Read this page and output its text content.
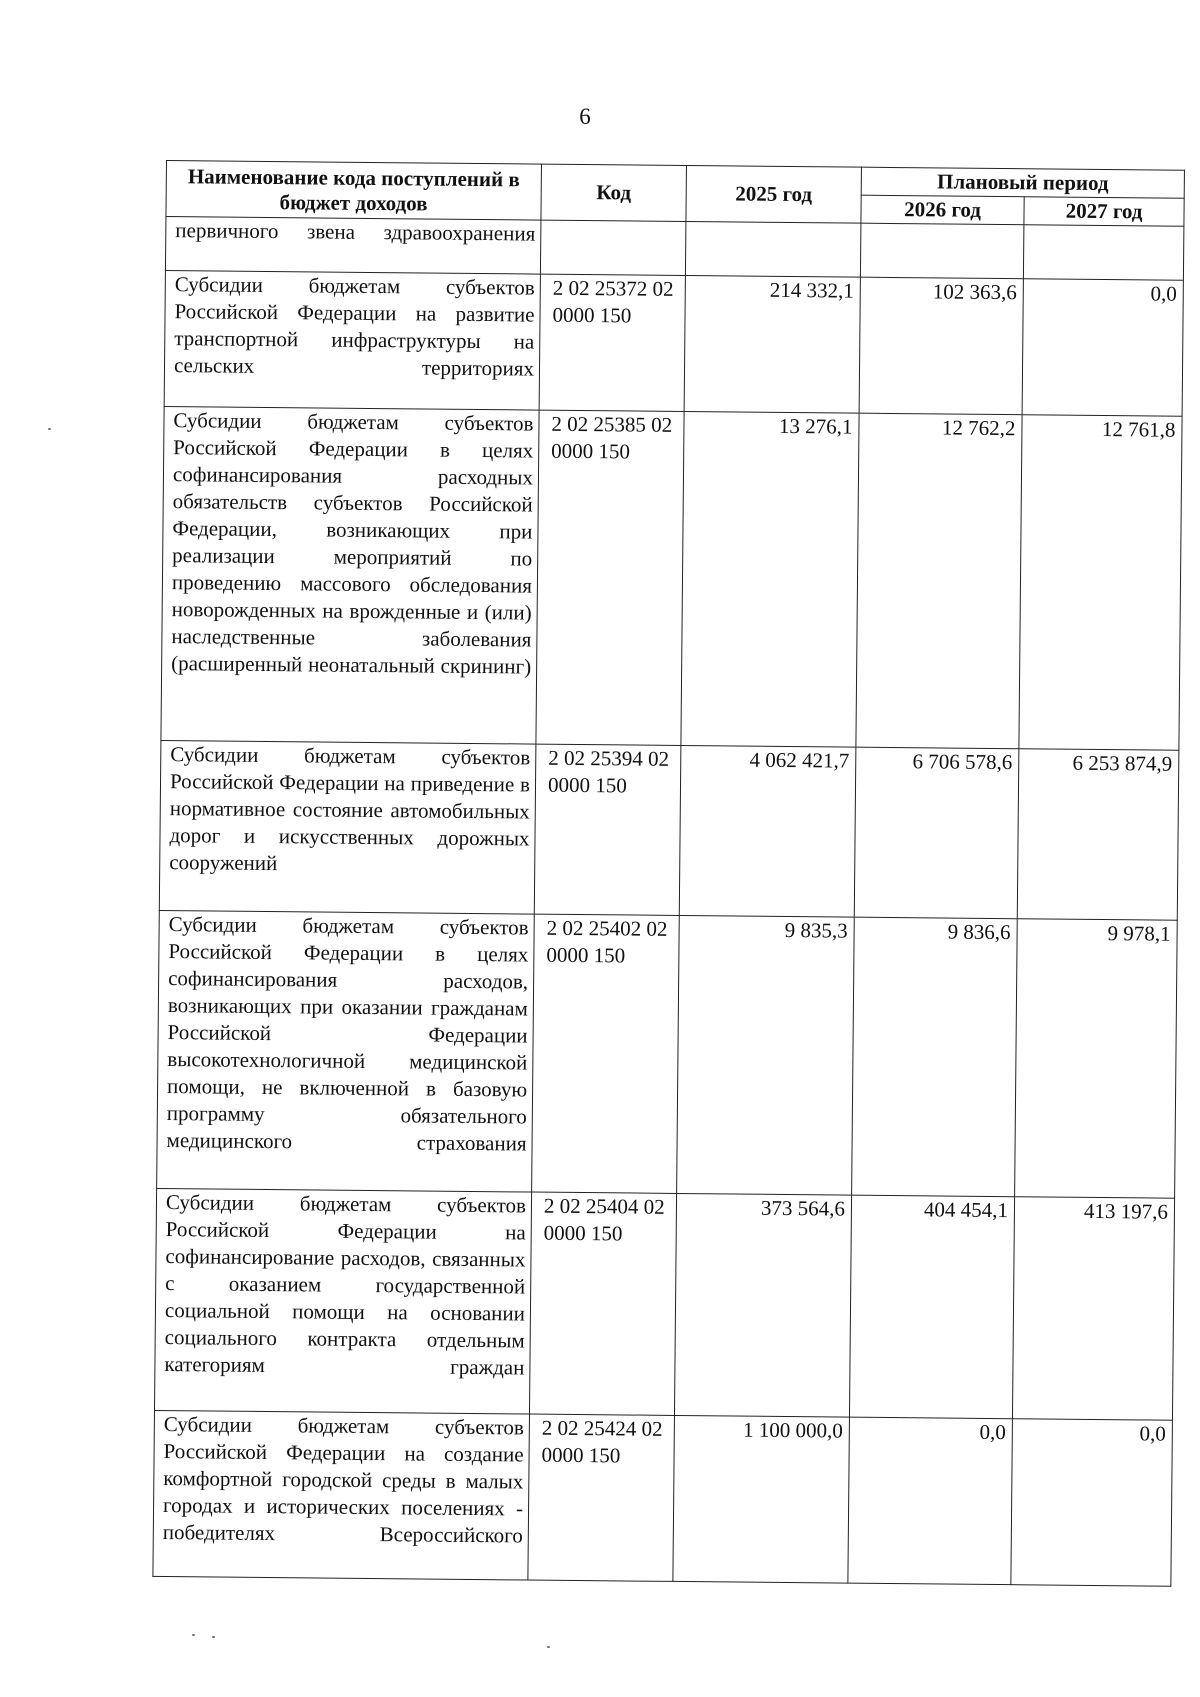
6
Наименование кода поступлений в бюджет доходов	Код	2025 год	Плановый период	
			2026 год	2027 год
первичного звена здравоохранения				
Субсидии бюджетам субъектов Российской Федерации на развитие транспортной инфраструктуры на сельских территориях	2 02 25372 02 0000 150	214 332,1	102 363,6	0,0
Субсидии бюджетам субъектов Российской Федерации в целях софинансирования расходных обязательств субъектов Российской Федерации, возникающих при реализации мероприятий по проведению массового обследования новорожденных на врожденные и (или) наследственные заболевания (расширенный неонатальный скрининг)	2 02 25385 02 0000 150	13 276,1	12 762,2	12 761,8
Субсидии бюджетам субъектов Российской Федерации на приведение в нормативное состояние автомобильных дорог и искусственных дорожных сооружений	2 02 25394 02 0000 150	4 062 421,7	6 706 578,6	6 253 874,9
Субсидии бюджетам субъектов Российской Федерации в целях софинансирования расходов, возникающих при оказании гражданам Российской Федерации высокотехнологичной медицинской помощи, не включенной в базовую программу обязательного медицинского страхования	2 02 25402 02 0000 150	9 835,3	9 836,6	9 978,1
Субсидии бюджетам субъектов Российской Федерации на софинансирование расходов, связанных с оказанием государственной социальной помощи на основании социального контракта отдельным категориям граждан	2 02 25404 02 0000 150	373 564,6	404 454,1	413 197,6
Субсидии бюджетам субъектов Российской Федерации на создание комфортной городской среды в малых городах и исторических поселениях - победителях Всероссийского	2 02 25424 02 0000 150	1 100 000,0	0,0	0,0
